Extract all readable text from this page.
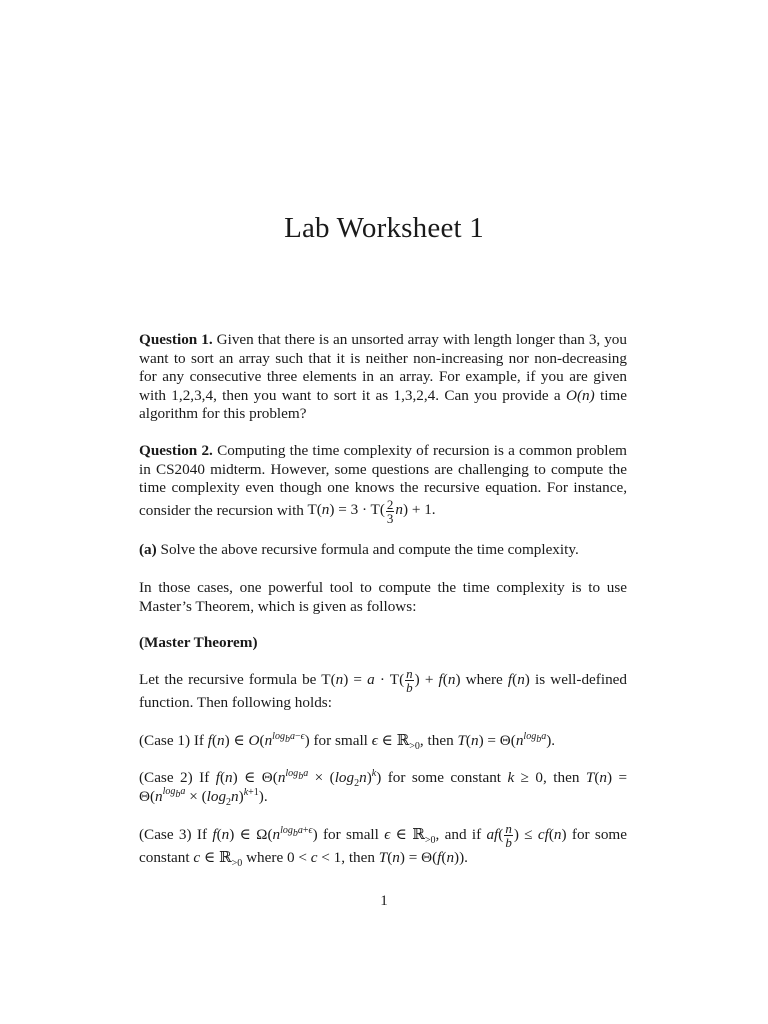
Lab Worksheet 1
Question 1. Given that there is an unsorted array with length longer than 3, you want to sort an array such that it is neither non-increasing nor non-decreasing for any consecutive three elements in an array. For example, if you are given with 1,2,3,4, then you want to sort it as 1,3,2,4. Can you provide a O(n) time algorithm for this problem?
Question 2. Computing the time complexity of recursion is a common problem in CS2040 midterm. However, some questions are challenging to compute the time complexity even though one knows the recursive equation. For instance, consider the recursion with $T(n) = 3 \cdot T( \frac{2}{3} n) + 1$.
(a) Solve the above recursive formula and compute the time complexity.
In those cases, one powerful tool to compute the time complexity is to use Master’s Theorem, which is given as follows:
(Master Theorem)
Let the recursive formula be $T(n) = a \cdot T( \frac{n}{b}$ ) + f(n) where f(n) is well-defined function. Then following holds:
(Case 1) If f(n) ∈ $O(n^{log_ba-\epsilon})$ for small ϵ ∈ ℝ$_{>0}$, then $T(n) = \Theta(n^{log_ba})$.
(Case 2) If f(n) ∈ $\Theta(n^{log_ba} \times (\log_2n)^k)$ for some constant k ≥ 0, then $T(n) = \Theta(n^{log_ba} \times (\log_2n)^{k+1})$.
(Case 3) If f(n) ∈ $\Omega(n^{log_ba+\epsilon})$ for small ϵ ∈ ℝ$_{>0}$, and if $af( \frac{n}{b}$ ) ≤ cf(n) for some constant c ∈ ℝ$_{>0}$ where 0 < c < 1, then T(n) = Θ(f(n)).
1
